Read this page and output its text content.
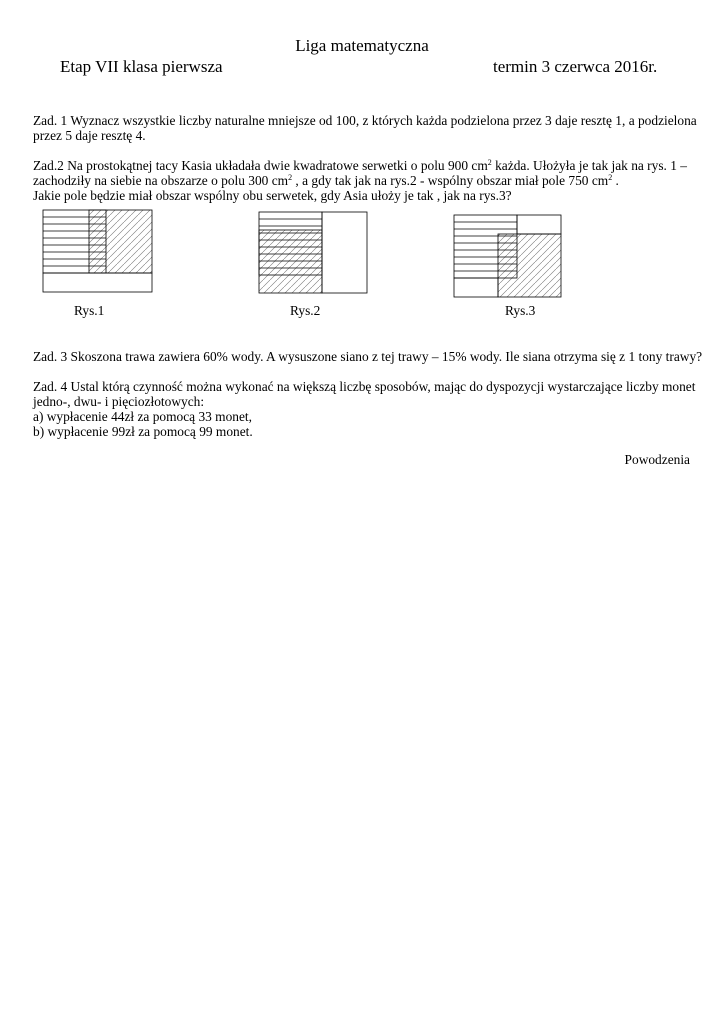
Liga matematyczna
Etap VII klasa pierwsza	termin 3 czerwca 2016r.
Zad. 1 Wyznacz wszystkie liczby naturalne mniejsze od 100, z których każda podzielona przez 3 daje resztę 1, a podzielona
przez 5 daje resztę 4.
Zad.2 Na prostokątnej tacy Kasia układała dwie kwadratowe serwetki o polu 900 $cm^2$ każda. Ułożyła je tak jak na rys. 1 –
zachodziły na siebie na obszarze o polu 300 $cm^2$ , a gdy tak jak na rys.2 - wspólny obszar miał pole 750 $cm^2$ .
Jakie pole będzie miał obszar wspólny obu serwetek, gdy Asia ułoży je tak , jak na rys.3?
Rys.1	Rys.2	Rys.3
Zad. 3 Skoszona trawa zawiera 60% wody. A wysuszone siano z tej trawy – 15% wody. Ile siana otrzyma się z 1 tony trawy?
Zad. 4 Ustal którą czynność można wykonać na większą liczbę sposobów, mając do dyspozycji wystarczające liczby monet
jedno-, dwu- i pięciozłotowych:
a) wypłacenie 44zł za pomocą 33 monet,
b) wypłacenie 99zł za pomocą 99 monet.
Powodzenia
